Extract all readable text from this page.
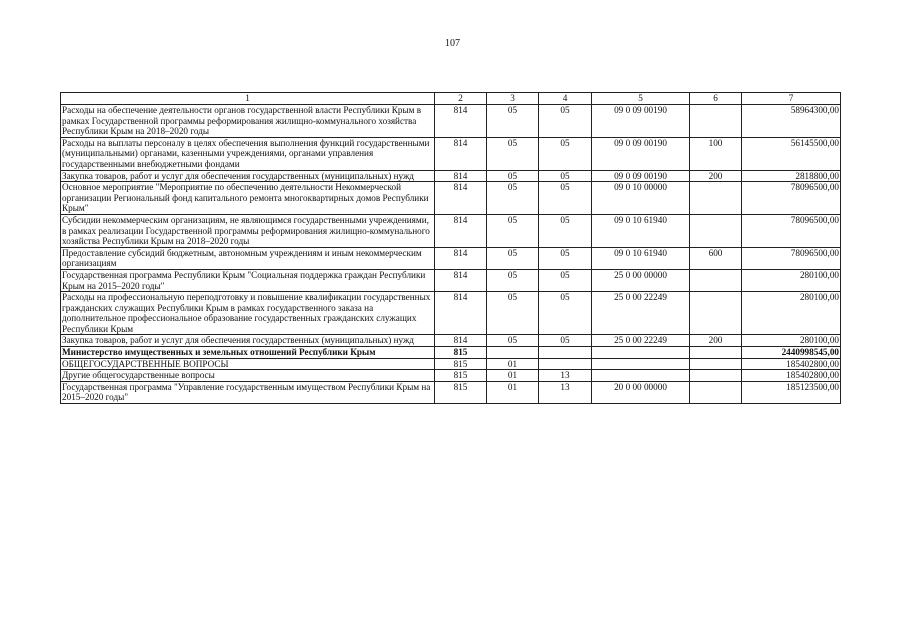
107
1	2	3	4	5	6	7
Расходы на обеспечение деятельности органов государственной власти Республики Крым в рамках Государственной программы реформирования жилищно-коммунального хозяйства Республики Крым на 2018–2020 годы	814	05	05	09 0 09 00190		58964300,00
Расходы на выплаты персоналу в целях обеспечения выполнения функций государственными (муниципальными) органами, казенными учреждениями, органами управления государственными внебюджетными фондами	814	05	05	09 0 09 00190	100	56145500,00
Закупка товаров, работ и услуг для обеспечения государственных (муниципальных) нужд	814	05	05	09 0 09 00190	200	2818800,00
Основное мероприятие "Мероприятие по обеспечению деятельности Некоммерческой организации Региональный фонд капитального ремонта многоквартирных домов Республики Крым"	814	05	05	09 0 10 00000		78096500,00
Субсидии некоммерческим организациям, не являющимся государственными учреждениями, в рамках реализации Государственной программы реформирования жилищно-коммунального хозяйства Республики Крым на 2018–2020 годы	814	05	05	09 0 10 61940		78096500,00
Предоставление субсидий бюджетным, автономным учреждениям и иным некоммерческим организациям	814	05	05	09 0 10 61940	600	78096500,00
Государственная программа Республики Крым "Социальная поддержка граждан Республики Крым на 2015–2020 годы"	814	05	05	25 0 00 00000		280100,00
Расходы на профессиональную переподготовку и повышение квалификации государственных гражданских служащих Республики Крым в рамках государственного заказа на дополнительное профессиональное образование государственных гражданских служащих Республики Крым	814	05	05	25 0 00 22249		280100,00
Закупка товаров, работ и услуг для обеспечения государственных (муниципальных) нужд	814	05	05	25 0 00 22249	200	280100,00
Министерство имущественных и земельных отношений Республики Крым	815					2440998545,00
ОБЩЕГОСУДАРСТВЕННЫЕ ВОПРОСЫ	815	01				185402800,00
Другие общегосударственные вопросы	815	01	13			185402800,00
Государственная программа "Управление государственным имуществом Республики Крым на 2015–2020 годы"	815	01	13	20 0 00 00000		185123500,00
